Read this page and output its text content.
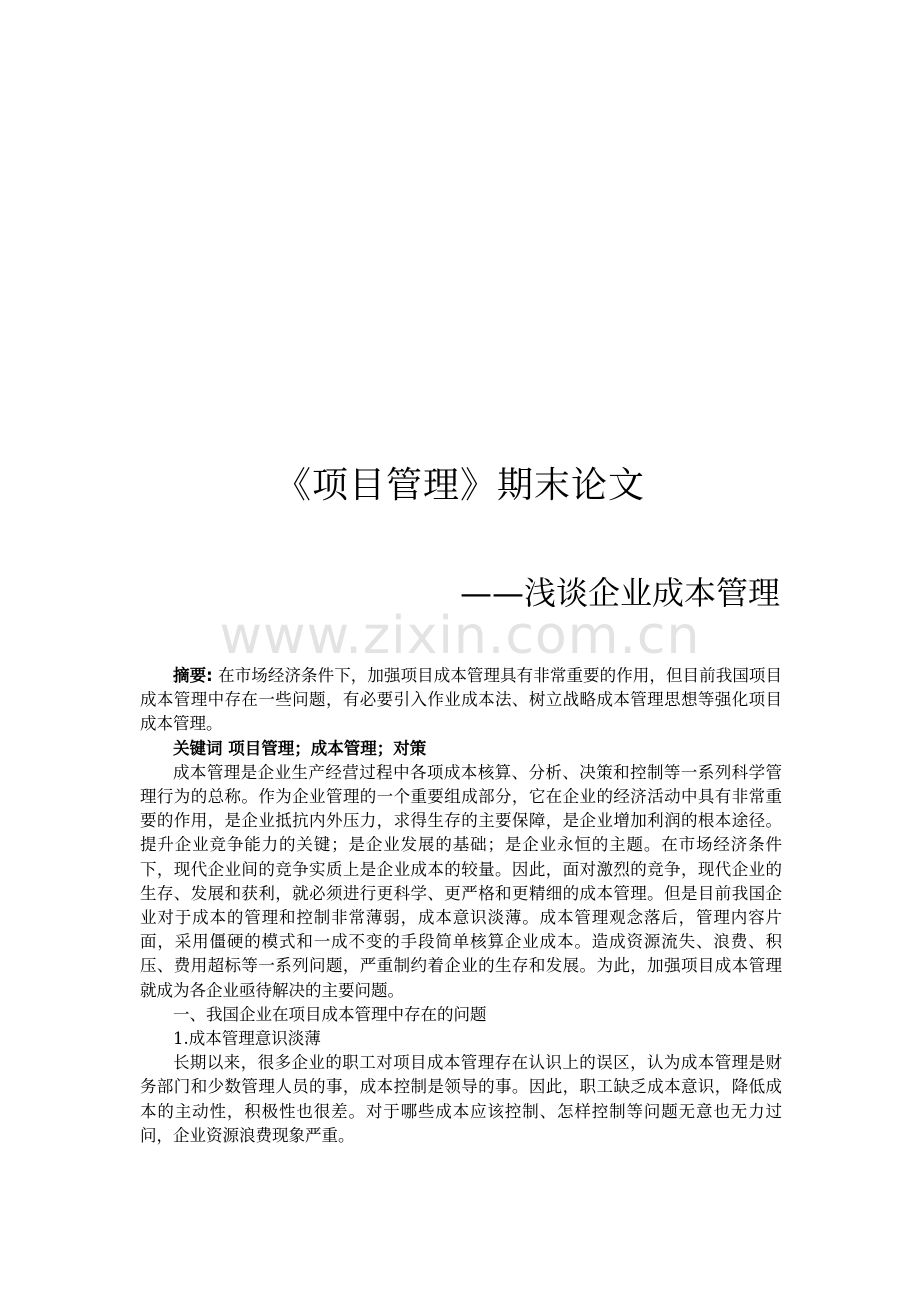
《项目管理》期末论文
——浅谈企业成本管理
www.zixin.com.cn

摘要: 在市场经济条件下，加强项目成本管理具有非常重要的作用，但目前我国项目成本管理中存在一些问题，有必要引入作业成本法、树立战略成本管理思想等强化项目成本管理。

关键词 项目管理；成本管理；对策

成本管理是企业生产经营过程中各项成本核算、分析、决策和控制等一系列科学管理行为的总称。作为企业管理的一个重要组成部分，它在企业的经济活动中具有非常重要的作用，是企业抵抗内外压力，求得生存的主要保障，是企业增加利润的根本途径。提升企业竞争能力的关键；是企业发展的基础；是企业永恒的主题。在市场经济条件下，现代企业间的竞争实质上是企业成本的较量。因此，面对激烈的竞争，现代企业的生存、发展和获利，就必须进行更科学、更严格和更精细的成本管理。但是目前我国企业对于成本的管理和控制非常薄弱，成本意识淡薄。成本管理观念落后，管理内容片面，采用僵硬的模式和一成不变的手段简单核算企业成本。造成资源流失、浪费、积压、费用超标等一系列问题，严重制约着企业的生存和发展。为此，加强项目成本管理就成为各企业亟待解决的主要问题。

一、我国企业在项目成本管理中存在的问题

1.成本管理意识淡薄

长期以来，很多企业的职工对项目成本管理存在认识上的误区，认为成本管理是财务部门和少数管理人员的事，成本控制是领导的事。因此，职工缺乏成本意识，降低成本的主动性，积极性也很差。对于哪些成本应该控制、怎样控制等问题无意也无力过问，企业资源浪费现象严重。
